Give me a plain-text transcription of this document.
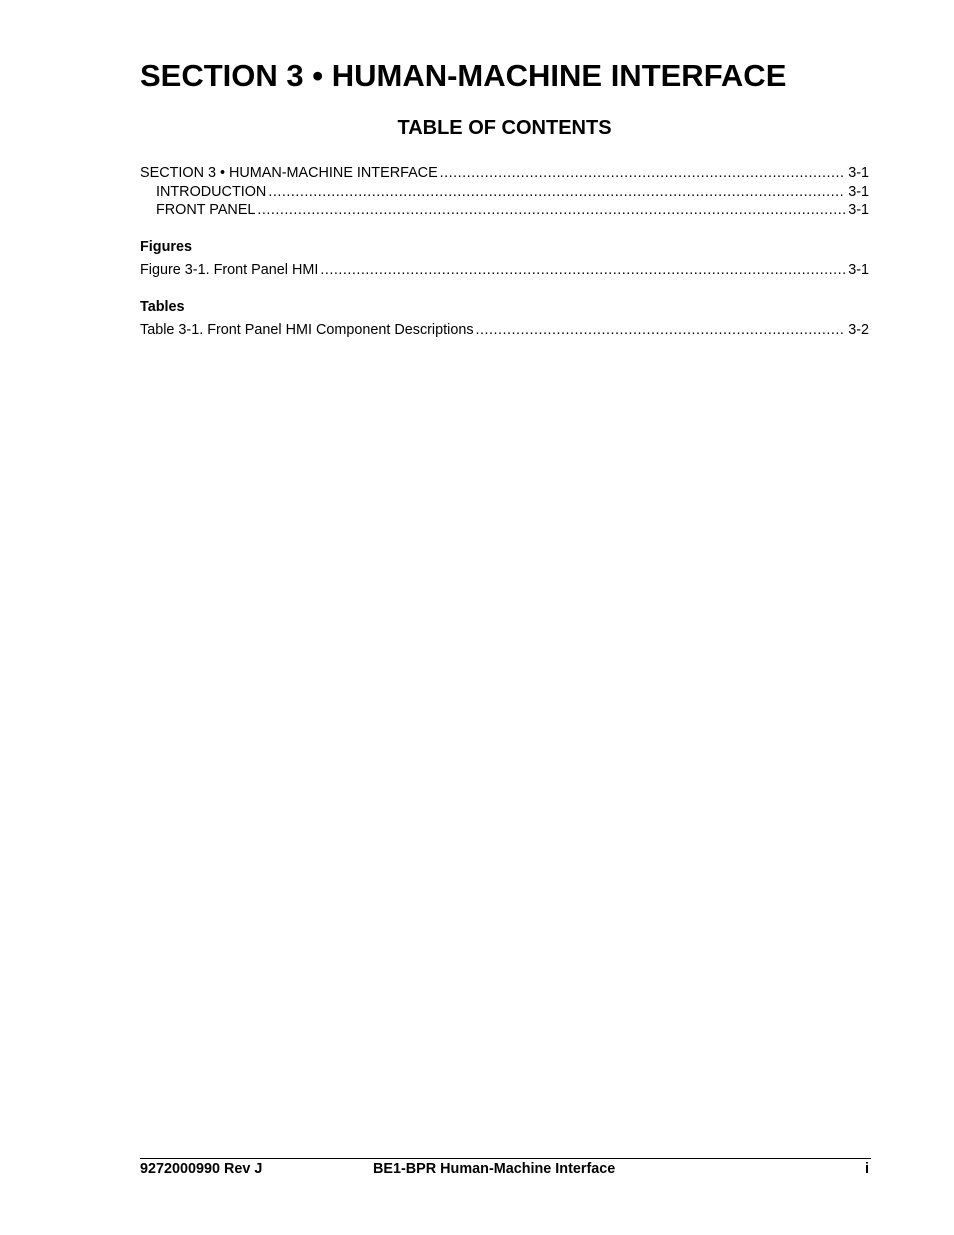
SECTION 3 • HUMAN-MACHINE INTERFACE
TABLE OF CONTENTS
SECTION 3 • HUMAN-MACHINE INTERFACE .....	3-1
INTRODUCTION .....	3-1
FRONT PANEL .....	3-1
Figures
Figure 3-1. Front Panel HMI .....	3-1
Tables
Table 3-1. Front Panel HMI Component Descriptions .....	3-2
9272000990 Rev J	BE1-BPR Human-Machine Interface	i
